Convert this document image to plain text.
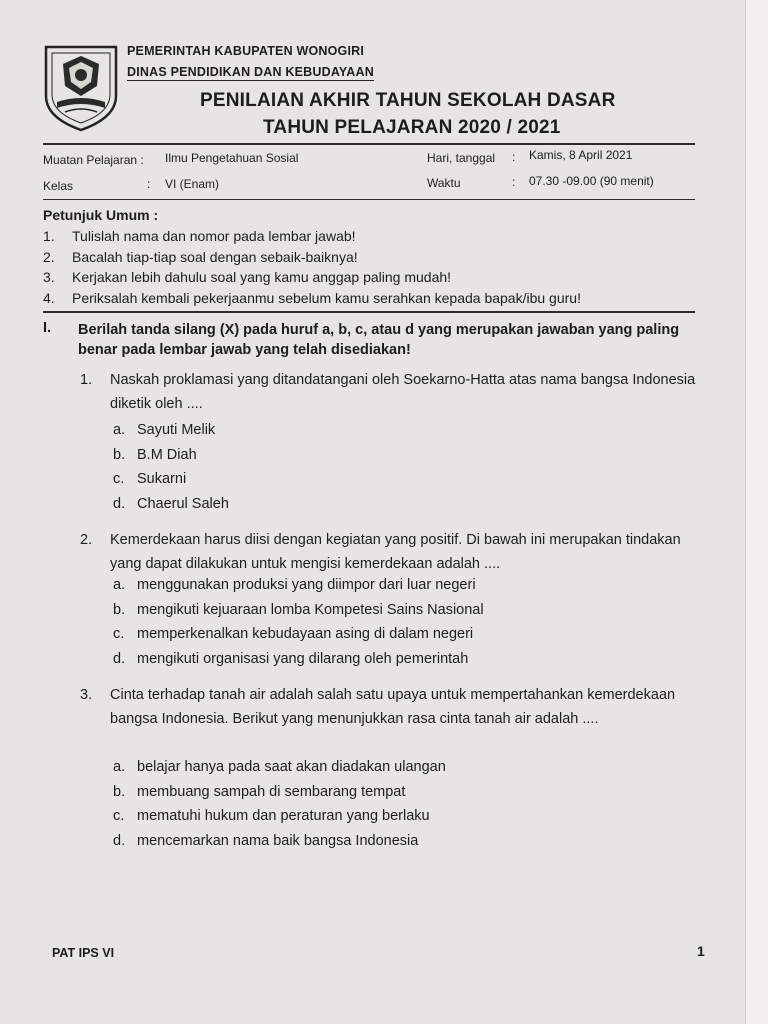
PEMERINTAH KABUPATEN WONOGIRI
DINAS PENDIDIKAN DAN KEBUDAYAAN
PENILAIAN AKHIR TAHUN SEKOLAH DASAR
TAHUN PELAJARAN 2020 / 2021
Muatan Pelajaran : Ilmu Pengetahuan Sosial
Kelas	: VI (Enam)
Hari, tanggal : Kamis, 8 April 2021
Waktu	: 07.30 -09.00 (90 menit)
Petunjuk Umum :
1. Tulislah nama dan nomor pada lembar jawab!
2. Bacalah tiap-tiap soal dengan sebaik-baiknya!
3. Kerjakan lebih dahulu soal yang kamu anggap paling mudah!
4. Periksalah kembali pekerjaanmu sebelum kamu serahkan kepada bapak/ibu guru!
I. Berilah tanda silang (X) pada huruf a, b, c, atau d yang merupakan jawaban yang paling benar pada lembar jawab yang telah disediakan!
1. Naskah proklamasi yang ditandatangani oleh Soekarno-Hatta atas nama bangsa Indonesia diketik oleh ....
a. Sayuti Melik
b. B.M Diah
c. Sukarni
d. Chaerul Saleh
2. Kemerdekaan harus diisi dengan kegiatan yang positif. Di bawah ini merupakan tindakan yang dapat dilakukan untuk mengisi kemerdekaan adalah ....
a. menggunakan produksi yang diimpor dari luar negeri
b. mengikuti kejuaraan lomba Kompetesi Sains Nasional
c. memperkenalkan kebudayaan asing di dalam negeri
d. mengikuti organisasi yang dilarang oleh pemerintah
3. Cinta terhadap tanah air adalah salah satu upaya untuk mempertahankan kemerdekaan bangsa Indonesia. Berikut yang menunjukkan rasa cinta tanah air adalah ....
a. belajar hanya pada saat akan diadakan ulangan
b. membuang sampah di sembarang tempat
c. mematuhi hukum dan peraturan yang berlaku
d. mencemarkan nama baik bangsa Indonesia
PAT IPS VI	1
